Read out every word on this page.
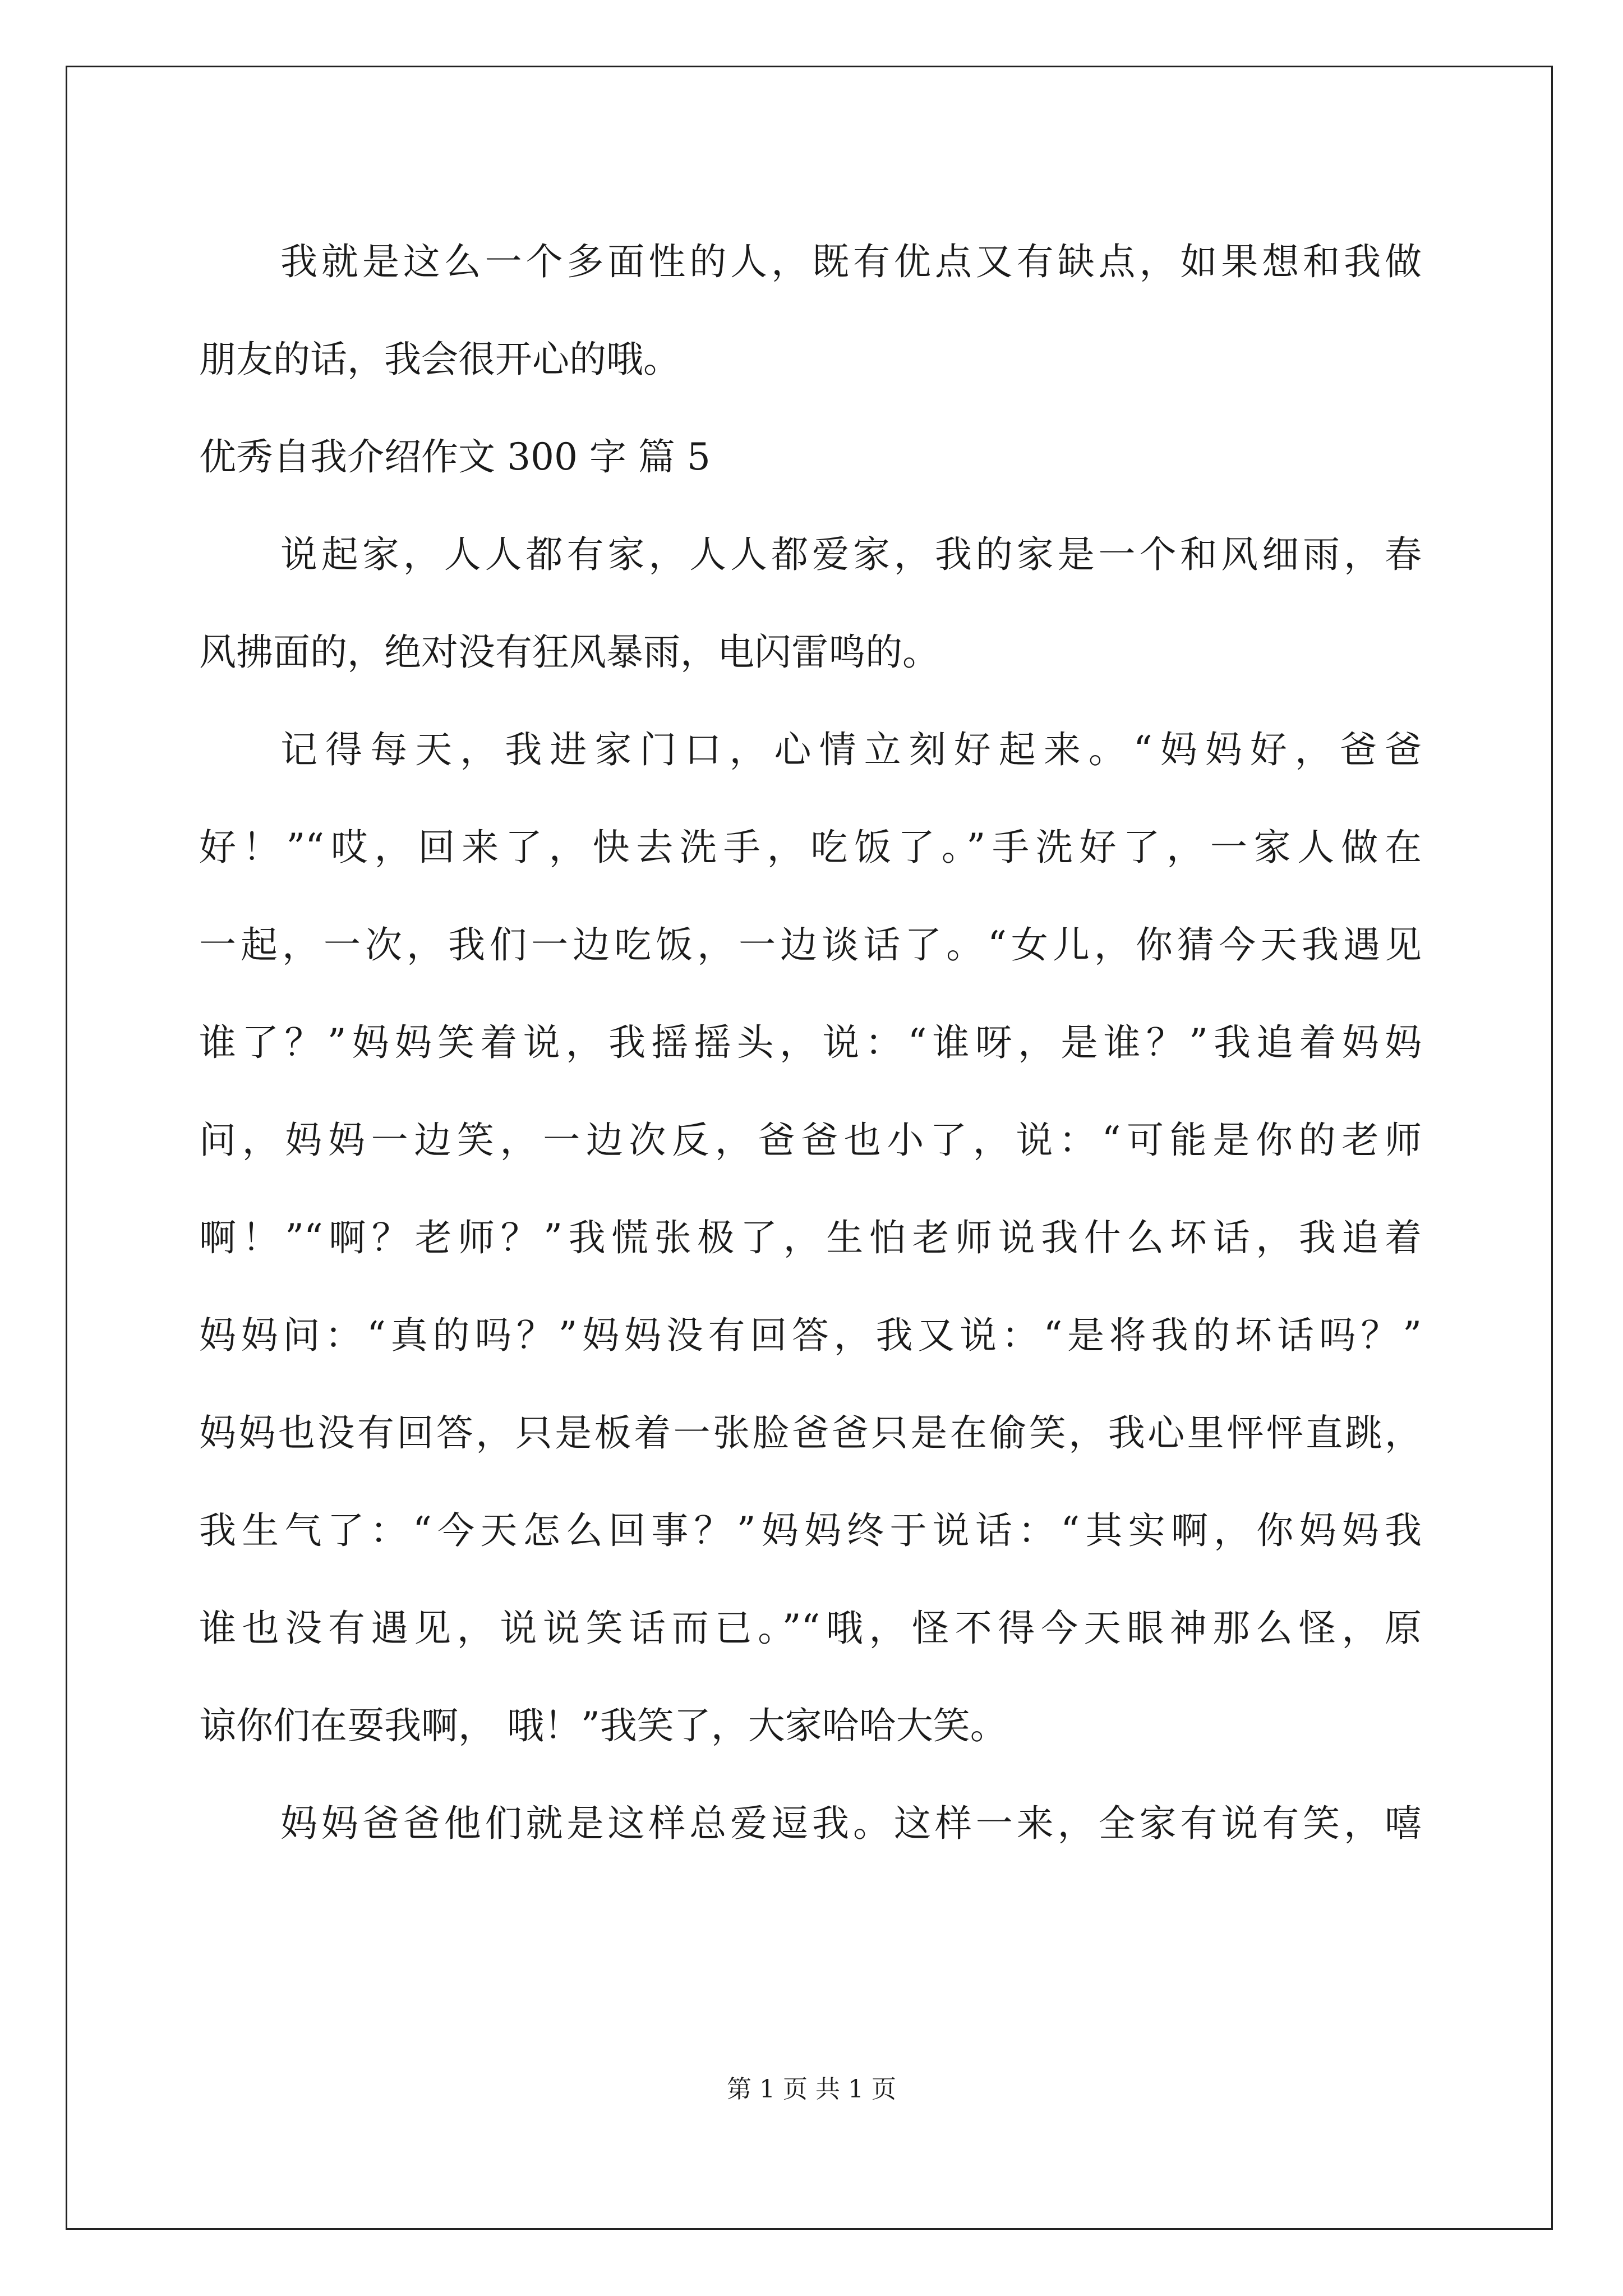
我就是这么一个多面性的人，既有优点又有缺点，如果想和我做
朋友的话，我会很开心的哦。
优秀自我介绍作文 300 字 篇 5
说起家，人人都有家，人人都爱家，我的家是一个和风细雨，春
风拂面的，绝对没有狂风暴雨，电闪雷鸣的。
记得每天，我进家门口，心情立刻好起来。“妈妈好，爸爸
好！”“哎，回来了，快去洗手，吃饭了。”手洗好了，一家人做在
一起，一次，我们一边吃饭，一边谈话了。“女儿，你猜今天我遇见
谁了？”妈妈笑着说，我摇摇头，说：“谁呀，是谁？”我追着妈妈
问，妈妈一边笑，一边次反，爸爸也小了，说：“可能是你的老师
啊！”“啊？老师？”我慌张极了，生怕老师说我什么坏话，我追着
妈妈问：“真的吗？”妈妈没有回答，我又说：“是将我的坏话吗？”
妈妈也没有回答，只是板着一张脸爸爸只是在偷笑，我心里怦怦直跳，
我生气了：“今天怎么回事？”妈妈终于说话：“其实啊，你妈妈我
谁也没有遇见，说说笑话而已。”“哦，怪不得今天眼神那么怪，原
谅你们在耍我啊， 哦！”我笑了，大家哈哈大笑。
妈妈爸爸他们就是这样总爱逗我。这样一来，全家有说有笑，嘻
第 1 页 共 1 页
